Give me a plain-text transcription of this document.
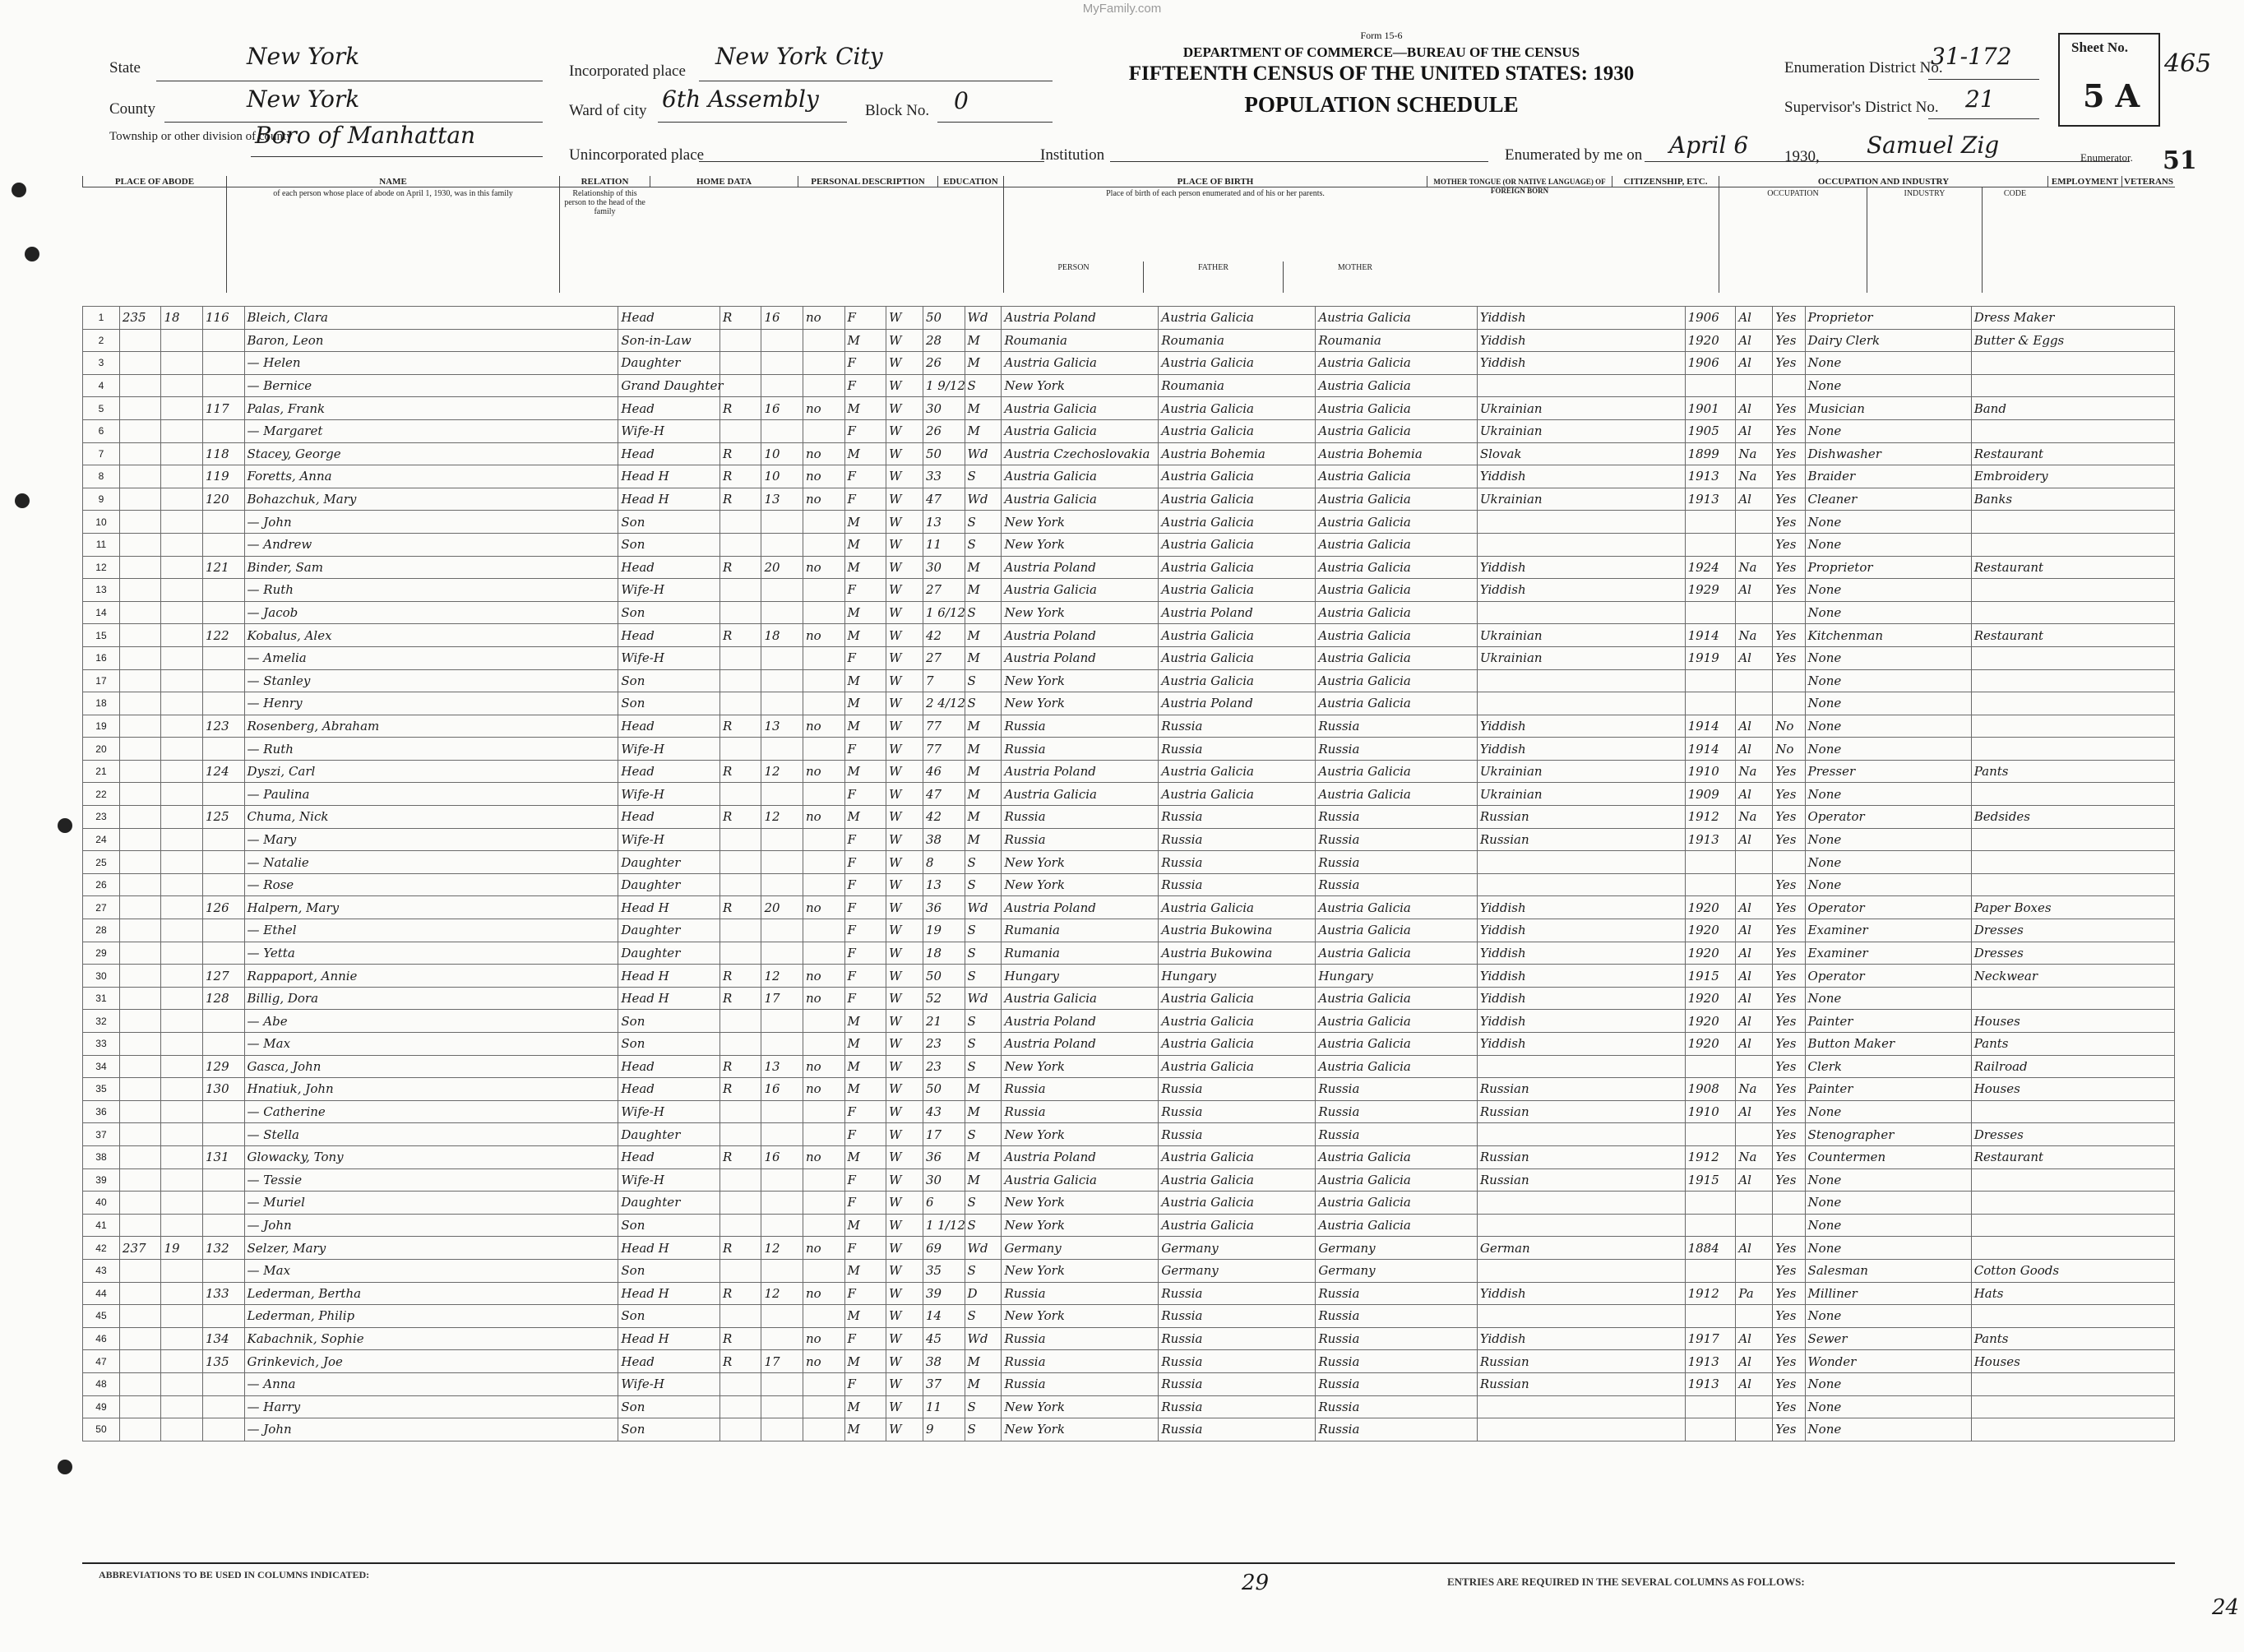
MyFamily.com
State	New York
County	New York
Township or other division of county
Boro of Manhattan
Incorporated place
New York City
Ward of city 6th Assembly	Block No. 0
Unincorporated place
Form 15-6
DEPARTMENT OF COMMERCE—BUREAU OF THE CENSUS
FIFTEENTH CENSUS OF THE UNITED STATES: 1930
POPULATION SCHEDULE
Institution
Enumeration District No.
31-172
Supervisor's District No. 21
Enumerated by me on April 6 1930, Samuel Zig	Enumerator.
Sheet No.
5 A
465
51
PLACE OF ABODE	NAME	RELATION	HOME DATA	PERSONAL DESCRIPTION	EDUCATION	PLACE OF BIRTH	MOTHER TONGUE (OR NATIVE LANGUAGE) OF FOREIGN BORN
CITIZENSHIP, ETC.	OCCUPATION AND INDUSTRY	EMPLOYMENT VETERANS
of each person whose place of abode on April 1, 1930, was in this family	Relationship of this person to the head of the family
Place of birth of each person enumerated and of his or her parents.
PERSON	FATHER	MOTHER
OCCUPATION	INDUSTRY	CODE
1	235	18	116	Bleich, Clara	Head	R	16	no	F	W	50	Wd	Austria Poland	Austria Galicia	Austria Galicia	Yiddish	1906	Al	Yes	Proprietor	Dress Maker
2				Baron, Leon	Son-in-Law				M	W	28	M	Roumania	Roumania	Roumania	Yiddish	1920	Al	Yes	Dairy Clerk	Butter & Eggs
3				— Helen	Daughter				F	W	26	M	Austria Galicia	Austria Galicia	Austria Galicia	Yiddish	1906	Al	Yes	None	
4				— Bernice	Grand Daughter				F	W	1 9/12	S	New York	Roumania	Austria Galicia					None	
5			117	Palas, Frank	Head	R	16	no	M	W	30	M	Austria Galicia	Austria Galicia	Austria Galicia	Ukrainian	1901	Al	Yes	Musician	Band
6				— Margaret	Wife-H				F	W	26	M	Austria Galicia	Austria Galicia	Austria Galicia	Ukrainian	1905	Al	Yes	None	
7			118	Stacey, George	Head	R	10	no	M	W	50	Wd	Austria Czechoslovakia	Austria Bohemia	Austria Bohemia	Slovak	1899	Na	Yes	Dishwasher	Restaurant
8			119	Foretts, Anna	Head H	R	10	no	F	W	33	S	Austria Galicia	Austria Galicia	Austria Galicia	Yiddish	1913	Na	Yes	Braider	Embroidery
9			120	Bohazchuk, Mary	Head H	R	13	no	F	W	47	Wd	Austria Galicia	Austria Galicia	Austria Galicia	Ukrainian	1913	Al	Yes	Cleaner	Banks
10				— John	Son				M	W	13	S	New York	Austria Galicia	Austria Galicia				Yes	None	
11				— Andrew	Son				M	W	11	S	New York	Austria Galicia	Austria Galicia				Yes	None	
12			121	Binder, Sam	Head	R	20	no	M	W	30	M	Austria Poland	Austria Galicia	Austria Galicia	Yiddish	1924	Na	Yes	Proprietor	Restaurant
13				— Ruth	Wife-H				F	W	27	M	Austria Galicia	Austria Galicia	Austria Galicia	Yiddish	1929	Al	Yes	None	
14				— Jacob	Son				M	W	1 6/12	S	New York	Austria Poland	Austria Galicia					None	
15			122	Kobalus, Alex	Head	R	18	no	M	W	42	M	Austria Poland	Austria Galicia	Austria Galicia	Ukrainian	1914	Na	Yes	Kitchenman	Restaurant
16				— Amelia	Wife-H				F	W	27	M	Austria Poland	Austria Galicia	Austria Galicia	Ukrainian	1919	Al	Yes	None	
17				— Stanley	Son				M	W	7	S	New York	Austria Galicia	Austria Galicia					None	
18				— Henry	Son				M	W	2 4/12	S	New York	Austria Poland	Austria Galicia					None	
19			123	Rosenberg, Abraham	Head	R	13	no	M	W	77	M	Russia	Russia	Russia	Yiddish	1914	Al	No	None	
20				— Ruth	Wife-H				F	W	77	M	Russia	Russia	Russia	Yiddish	1914	Al	No	None	
21			124	Dyszi, Carl	Head	R	12	no	M	W	46	M	Austria Poland	Austria Galicia	Austria Galicia	Ukrainian	1910	Na	Yes	Presser	Pants
22				— Paulina	Wife-H				F	W	47	M	Austria Galicia	Austria Galicia	Austria Galicia	Ukrainian	1909	Al	Yes	None	
23			125	Chuma, Nick	Head	R	12	no	M	W	42	M	Russia	Russia	Russia	Russian	1912	Na	Yes	Operator	Bedsides
24				— Mary	Wife-H				F	W	38	M	Russia	Russia	Russia	Russian	1913	Al	Yes	None	
25				— Natalie	Daughter				F	W	8	S	New York	Russia	Russia					None	
26				— Rose	Daughter				F	W	13	S	New York	Russia	Russia				Yes	None	
27			126	Halpern, Mary	Head H	R	20	no	F	W	36	Wd	Austria Poland	Austria Galicia	Austria Galicia	Yiddish	1920	Al	Yes	Operator	Paper Boxes
28				— Ethel	Daughter				F	W	19	S	Rumania	Austria Bukowina	Austria Galicia	Yiddish	1920	Al	Yes	Examiner	Dresses
29				— Yetta	Daughter				F	W	18	S	Rumania	Austria Bukowina	Austria Galicia	Yiddish	1920	Al	Yes	Examiner	Dresses
30			127	Rappaport, Annie	Head H	R	12	no	F	W	50	S	Hungary	Hungary	Hungary	Yiddish	1915	Al	Yes	Operator	Neckwear
31			128	Billig, Dora	Head H	R	17	no	F	W	52	Wd	Austria Galicia	Austria Galicia	Austria Galicia	Yiddish	1920	Al	Yes	None	
32				— Abe	Son				M	W	21	S	Austria Poland	Austria Galicia	Austria Galicia	Yiddish	1920	Al	Yes	Painter	Houses
33				— Max	Son				M	W	23	S	Austria Poland	Austria Galicia	Austria Galicia	Yiddish	1920	Al	Yes	Button Maker	Pants
34			129	Gasca, John	Head	R	13	no	M	W	23	S	New York	Austria Galicia	Austria Galicia				Yes	Clerk	Railroad
35			130	Hnatiuk, John	Head	R	16	no	M	W	50	M	Russia	Russia	Russia	Russian	1908	Na	Yes	Painter	Houses
36				— Catherine	Wife-H				F	W	43	M	Russia	Russia	Russia	Russian	1910	Al	Yes	None	
37				— Stella	Daughter				F	W	17	S	New York	Russia	Russia				Yes	Stenographer	Dresses
38			131	Glowacky, Tony	Head	R	16	no	M	W	36	M	Austria Poland	Austria Galicia	Austria Galicia	Russian	1912	Na	Yes	Countermen	Restaurant
39				— Tessie	Wife-H				F	W	30	M	Austria Galicia	Austria Galicia	Austria Galicia	Russian	1915	Al	Yes	None	
40				— Muriel	Daughter				F	W	6	S	New York	Austria Galicia	Austria Galicia					None	
41				— John	Son				M	W	1 1/12	S	New York	Austria Galicia	Austria Galicia					None	
42	237	19	132	Selzer, Mary	Head H	R	12	no	F	W	69	Wd	Germany	Germany	Germany	German	1884	Al	Yes	None	
43				— Max	Son				M	W	35	S	New York	Germany	Germany				Yes	Salesman	Cotton Goods
44			133	Lederman, Bertha	Head H	R	12	no	F	W	39	D	Russia	Russia	Russia	Yiddish	1912	Pa	Yes	Milliner	Hats
45				Lederman, Philip	Son				M	W	14	S	New York	Russia	Russia				Yes	None	
46			134	Kabachnik, Sophie	Head H	R		no	F	W	45	Wd	Russia	Russia	Russia	Yiddish	1917	Al	Yes	Sewer	Pants
47			135	Grinkevich, Joe	Head	R	17	no	M	W	38	M	Russia	Russia	Russia	Russian	1913	Al	Yes	Wonder	Houses
48				— Anna	Wife-H				F	W	37	M	Russia	Russia	Russia	Russian	1913	Al	Yes	None	
49				— Harry	Son				M	W	11	S	New York	Russia	Russia				Yes	None	
50				— John	Son				M	W	9	S	New York	Russia	Russia				Yes	None	
ABBREVIATIONS TO BE USED IN COLUMNS INDICATED:
ENTRIES ARE REQUIRED IN THE SEVERAL COLUMNS AS FOLLOWS:
29
24
